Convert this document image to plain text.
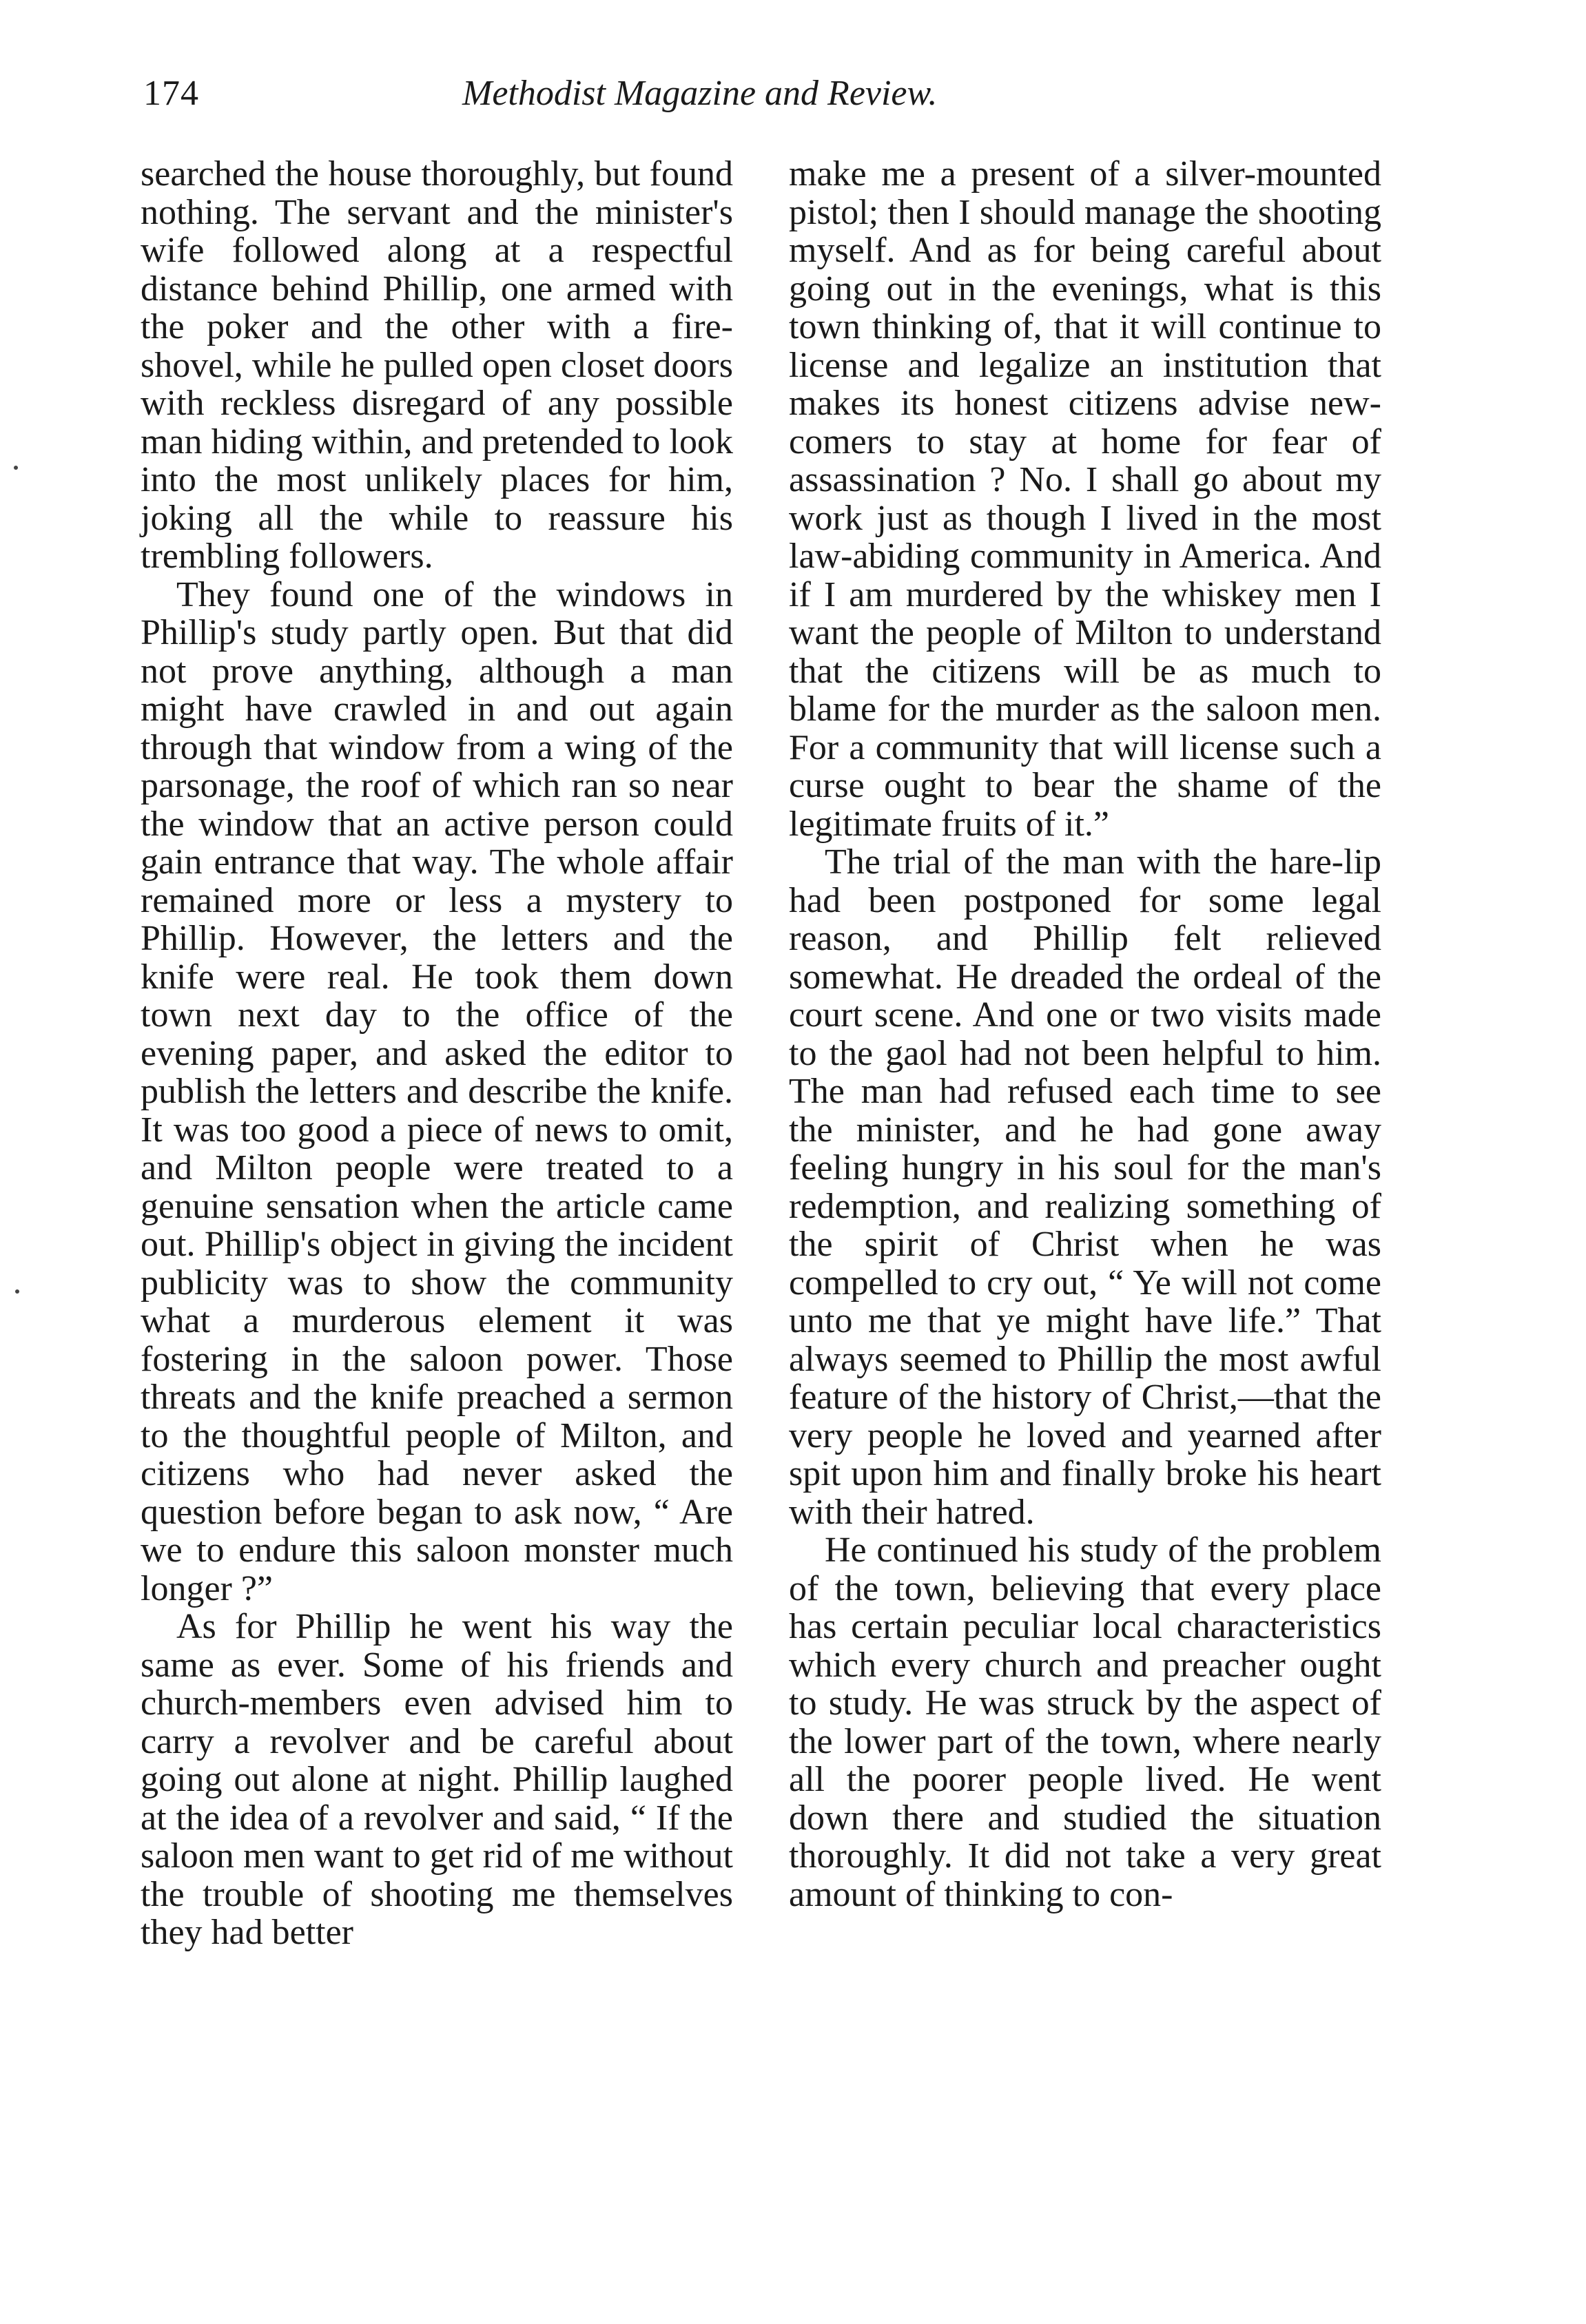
174	Methodist Magazine and Review.

searched the house thoroughly, but found nothing. The servant and the minister's wife followed along at a respectful distance behind Phillip, one armed with the poker and the other with a fire-shovel, while he pulled open closet doors with reckless disregard of any possible man hiding within, and pretended to look into the most unlikely places for him, joking all the while to reassure his trembling followers.

They found one of the windows in Phillip's study partly open. But that did not prove anything, although a man might have crawled in and out again through that window from a wing of the parsonage, the roof of which ran so near the window that an active person could gain entrance that way. The whole affair remained more or less a mystery to Phillip. However, the letters and the knife were real. He took them down town next day to the office of the evening paper, and asked the editor to publish the letters and describe the knife. It was too good a piece of news to omit, and Milton people were treated to a genuine sensation when the article came out. Phillip's object in giving the incident publicity was to show the community what a murderous element it was fostering in the saloon power. Those threats and the knife preached a sermon to the thoughtful people of Milton, and citizens who had never asked the question before began to ask now, “ Are we to endure this saloon monster much longer ?”

As for Phillip he went his way the same as ever. Some of his friends and church-members even advised him to carry a revolver and be careful about going out alone at night. Phillip laughed at the idea of a revolver and said, “ If the saloon men want to get rid of me without the trouble of shooting me themselves they had better

make me a present of a silver-mounted pistol; then I should manage the shooting myself. And as for being careful about going out in the evenings, what is this town thinking of, that it will continue to license and legalize an institution that makes its honest citizens advise new-comers to stay at home for fear of assassination ? No. I shall go about my work just as though I lived in the most law-abiding community in America. And if I am murdered by the whiskey men I want the people of Milton to understand that the citizens will be as much to blame for the murder as the saloon men. For a community that will license such a curse ought to bear the shame of the legitimate fruits of it.”

The trial of the man with the hare-lip had been postponed for some legal reason, and Phillip felt relieved somewhat. He dreaded the ordeal of the court scene. And one or two visits made to the gaol had not been helpful to him. The man had refused each time to see the minister, and he had gone away feeling hungry in his soul for the man's redemption, and realizing something of the spirit of Christ when he was compelled to cry out, “ Ye will not come unto me that ye might have life.” That always seemed to Phillip the most awful feature of the history of Christ,—that the very people he loved and yearned after spit upon him and finally broke his heart with their hatred.

He continued his study of the problem of the town, believing that every place has certain peculiar local characteristics which every church and preacher ought to study. He was struck by the aspect of the lower part of the town, where nearly all the poorer people lived. He went down there and studied the situation thoroughly. It did not take a very great amount of thinking to con-
